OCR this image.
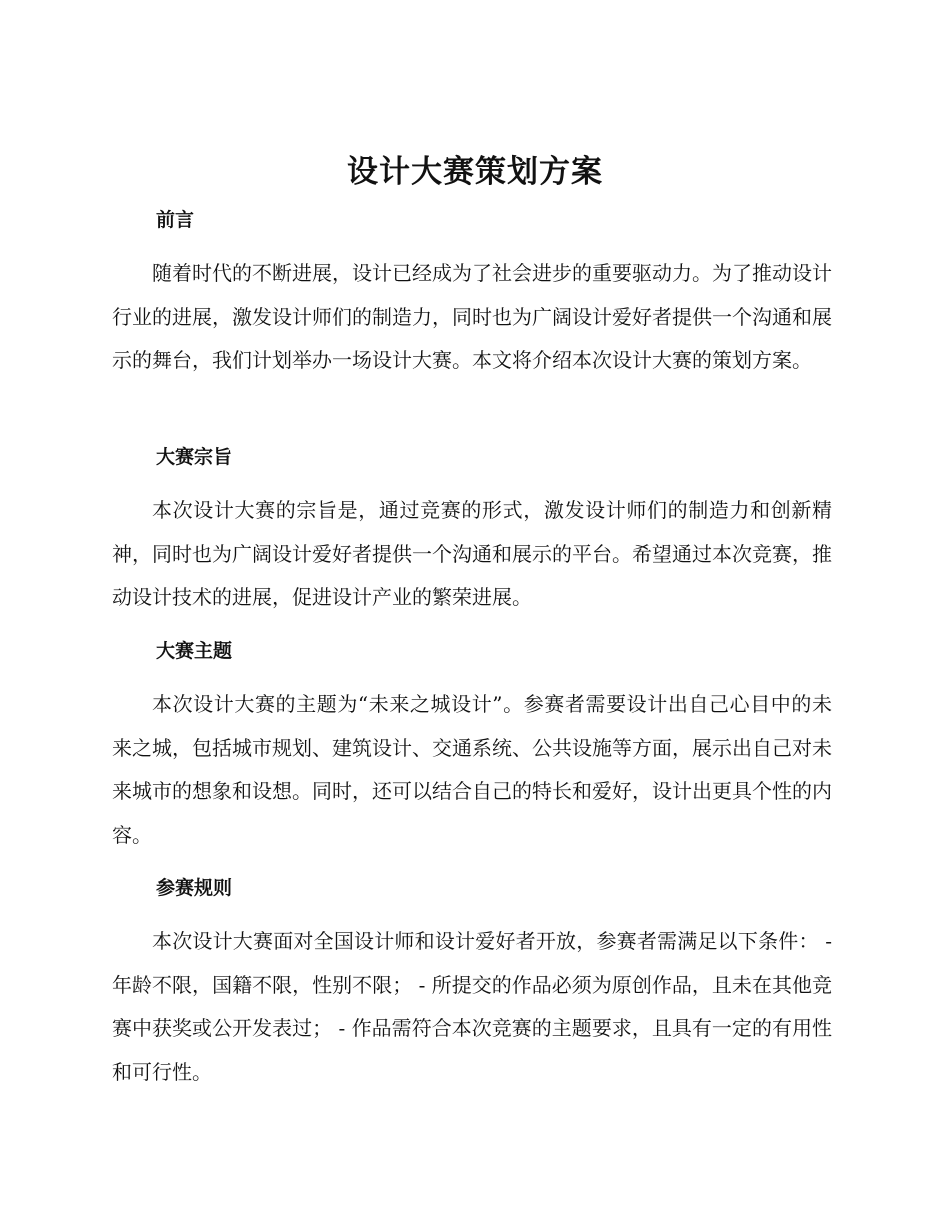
设计大赛策划方案
前言

随着时代的不断进展，设计已经成为了社会进步的重要驱动力。为了推动设计行业的进展，激发设计师们的制造力，同时也为广阔设计爱好者提供一个沟通和展示的舞台，我们计划举办一场设计大赛。本文将介绍本次设计大赛的策划方案。

大赛宗旨

本次设计大赛的宗旨是，通过竞赛的形式，激发设计师们的制造力和创新精神，同时也为广阔设计爱好者提供一个沟通和展示的平台。希望通过本次竞赛，推动设计技术的进展，促进设计产业的繁荣进展。

大赛主题

本次设计大赛的主题为“未来之城设计”。参赛者需要设计出自己心目中的未来之城，包括城市规划、建筑设计、交通系统、公共设施等方面，展示出自己对未来城市的想象和设想。同时，还可以结合自己的特长和爱好，设计出更具个性的内容。

参赛规则

本次设计大赛面对全国设计师和设计爱好者开放，参赛者需满足以下条件： - 年龄不限，国籍不限，性别不限； - 所提交的作品必须为原创作品，且未在其他竞赛中获奖或公开发表过； - 作品需符合本次竞赛的主题要求，且具有一定的有用性和可行性。
